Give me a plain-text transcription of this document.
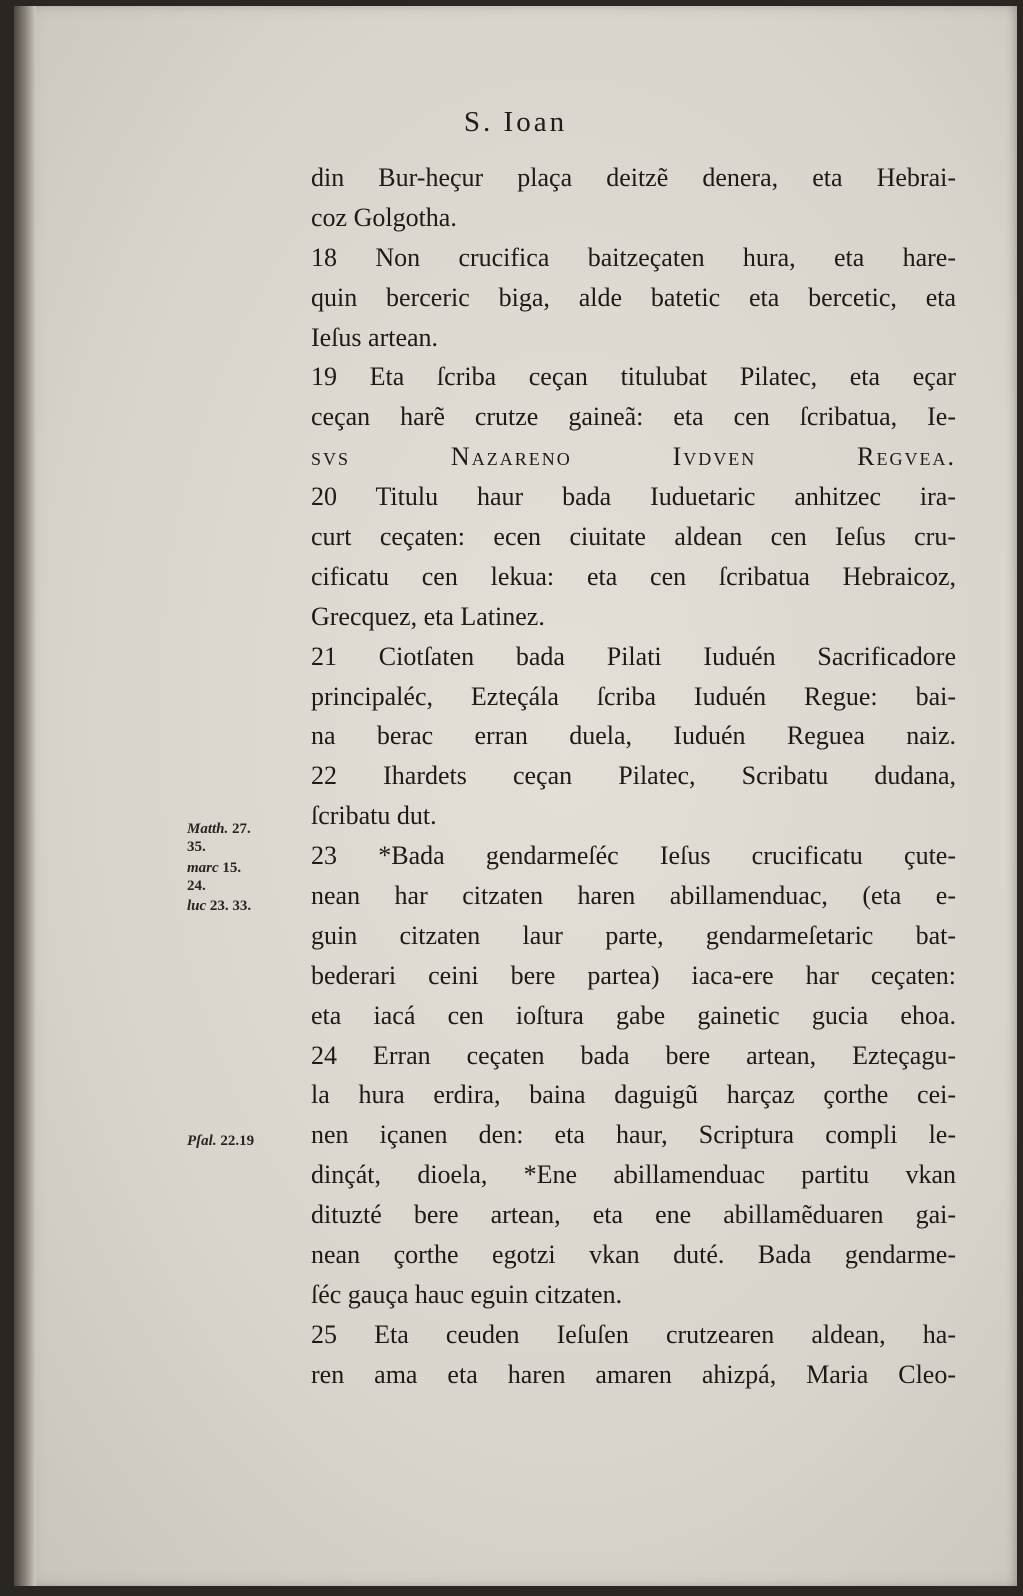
S. Ioan
din Bur-heçur plaça deitzẽ denera, eta Hebrai-
coz Golgotha.
18 Non crucifica baitzeçaten hura, eta hare-
quin berceric biga, alde batetic eta bercetic, eta
Ieſus artean.
19 Eta ſcriba ceçan titulubat Pilatec, eta eçar
ceçan harẽ crutze gaineã: eta cen ſcribatua, Ie-
svs Nazareno Ivdven Regvea.
20 Titulu haur bada Iuduetaric anhitzec ira-
curt ceçaten: ecen ciuitate aldean cen Ieſus cru-
cificatu cen lekua: eta cen ſcribatua Hebraicoz,
Grecquez, eta Latinez.
21 Ciotſaten bada Pilati Iuduén Sacrificadore
principaléc, Ezteçála ſcriba Iuduén Regue: bai-
na berac erran duela, Iuduén Reguea naiz.
22 Ihardets ceçan Pilatec, Scribatu dudana,
ſcribatu dut.
23 *Bada gendarmeſéc Ieſus crucificatu çute-
nean har citzaten haren abillamenduac, (eta e-
guin citzaten laur parte, gendarmeſetaric bat-
bederari ceini bere partea) iaca-ere har ceçaten:
eta iacá cen ioſtura gabe gainetic gucia ehoa.
24 Erran ceçaten bada bere artean, Ezteçagu-
la hura erdira, baina daguigũ harçaz çorthe cei-
nen içanen den: eta haur, Scriptura compli le-
dinçát, dioela, *Ene abillamenduac partitu vkan
dituzté bere artean, eta ene abillamẽduaren gai-
nean çorthe egotzi vkan duté. Bada gendarme-
ſéc gauça hauc eguin citzaten.
25 Eta ceuden Ieſuſen crutzearen aldean, ha-
ren ama eta haren amaren ahizpá, Maria Cleo-
Matth. 27.
35.
marc 15.
24.
luc 23. 33.
Pſal. 22.19
